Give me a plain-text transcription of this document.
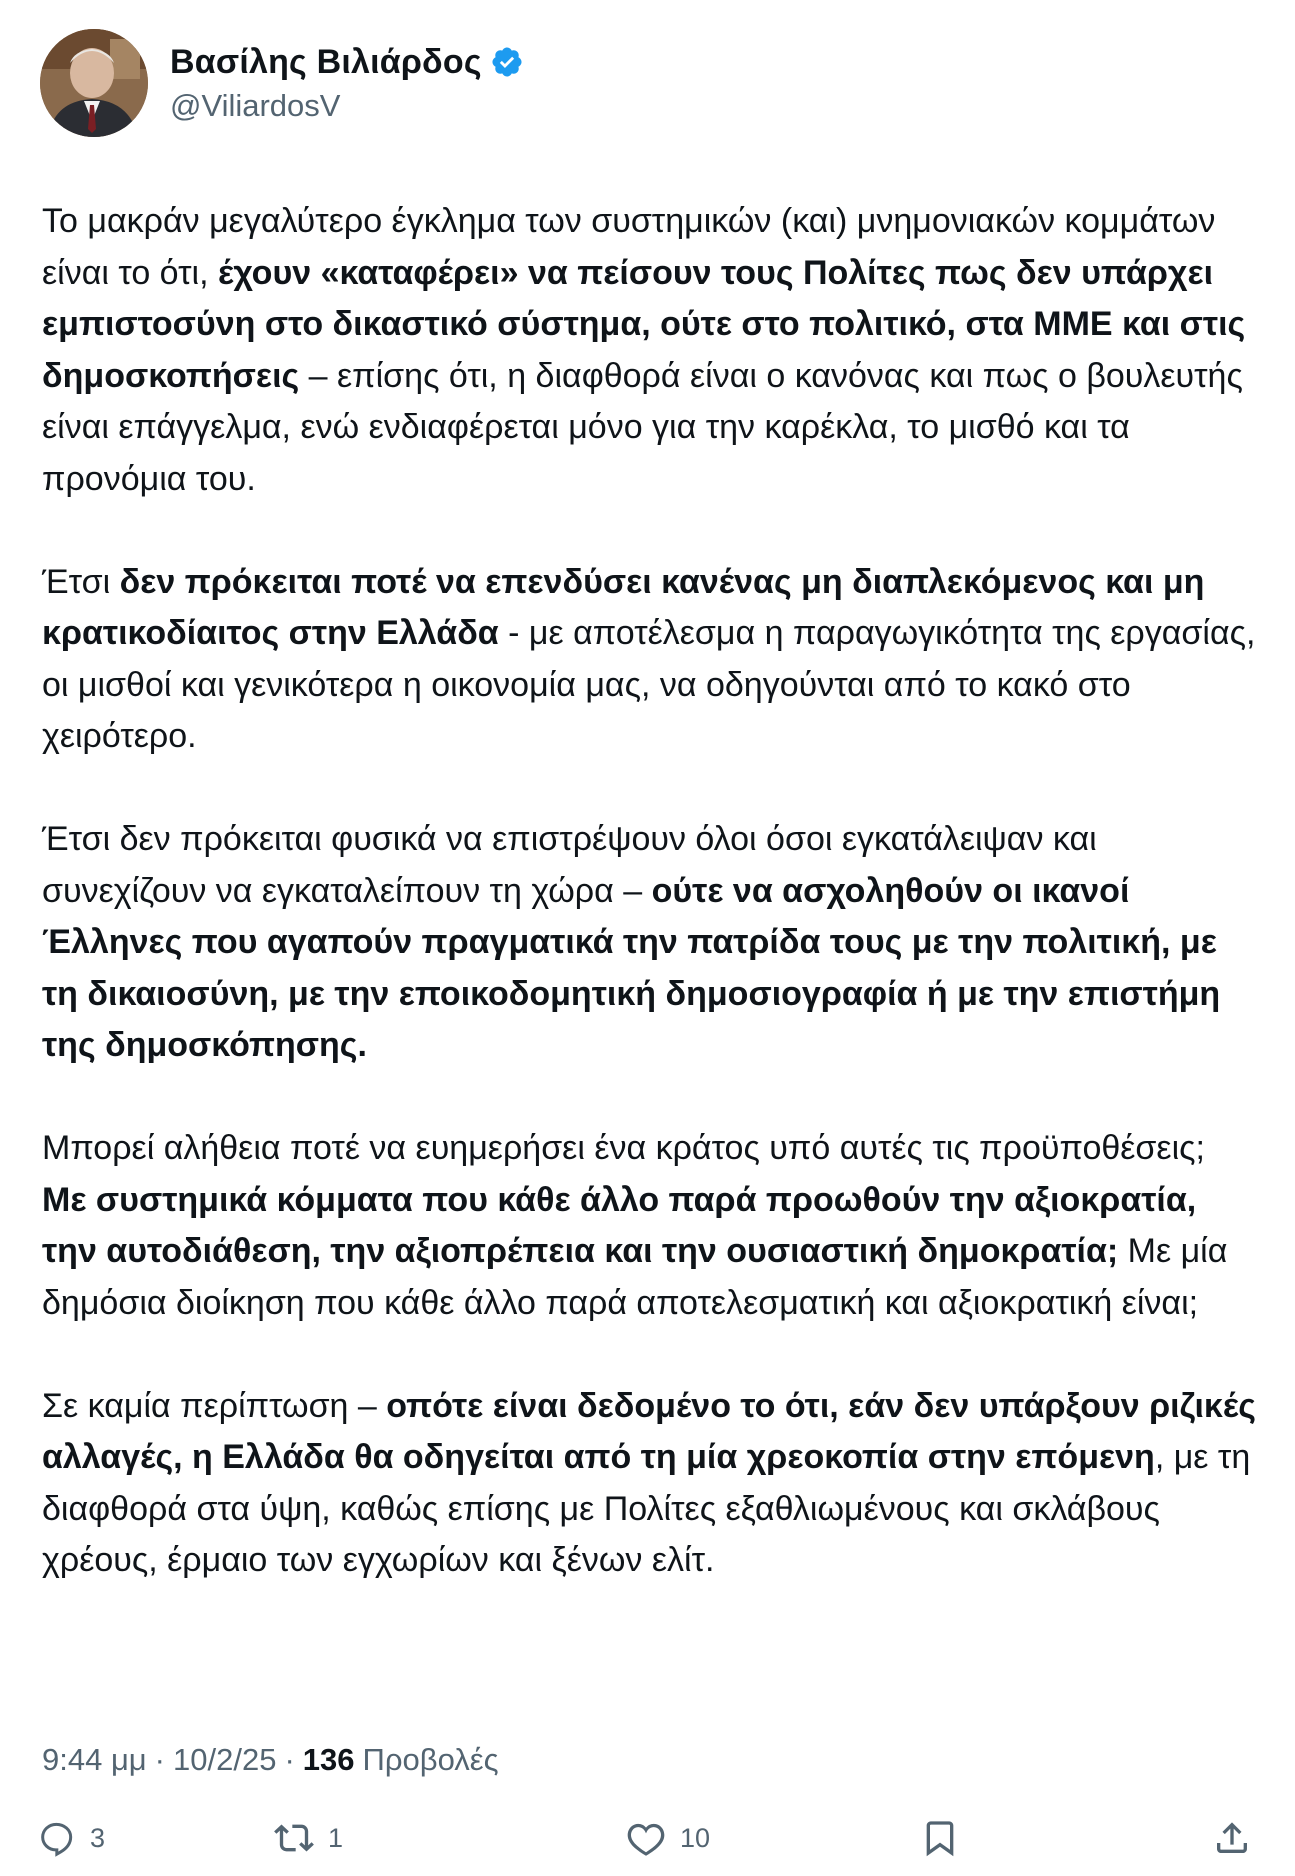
Βασίλης Βιλιάρδος
@ViliardosV

Το μακράν μεγαλύτερο έγκλημα των συστημικών (και) μνημονιακών κομμάτων είναι το ότι, έχουν «καταφέρει» να πείσουν τους Πολίτες πως δεν υπάρχει εμπιστοσύνη στο δικαστικό σύστημα, ούτε στο πολιτικό, στα ΜΜΕ και στις δημοσκοπήσεις – επίσης ότι, η διαφθορά είναι ο κανόνας και πως ο βουλευτής είναι επάγγελμα, ενώ ενδιαφέρεται μόνο για την καρέκλα, το μισθό και τα προνόμια του.

Έτσι δεν πρόκειται ποτέ να επενδύσει κανένας μη διαπλεκόμενος και μη κρατικοδίαιτος στην Ελλάδα - με αποτέλεσμα η παραγωγικότητα της εργασίας, οι μισθοί και γενικότερα η οικονομία μας, να οδηγούνται από το κακό στο χειρότερο.

Έτσι δεν πρόκειται φυσικά να επιστρέψουν όλοι όσοι εγκατάλειψαν και συνεχίζουν να εγκαταλείπουν τη χώρα – ούτε να ασχοληθούν οι ικανοί Έλληνες που αγαπούν πραγματικά την πατρίδα τους με την πολιτική, με τη δικαιοσύνη, με την εποικοδομητική δημοσιογραφία ή με την επιστήμη της δημοσκόπησης.

Μπορεί αλήθεια ποτέ να ευημερήσει ένα κράτος υπό αυτές τις προϋποθέσεις; Με συστημικά κόμματα που κάθε άλλο παρά προωθούν την αξιοκρατία, την αυτοδιάθεση, την αξιοπρέπεια και την ουσιαστική δημοκρατία; Με μία δημόσια διοίκηση που κάθε άλλο παρά αποτελεσματική και αξιοκρατική είναι;

Σε καμία περίπτωση – οπότε είναι δεδομένο το ότι, εάν δεν υπάρξουν ριζικές αλλαγές, η Ελλάδα θα οδηγείται από τη μία χρεοκοπία στην επόμενη, με τη διαφθορά στα ύψη, καθώς επίσης με Πολίτες εξαθλιωμένους και σκλάβους χρέους, έρμαιο των εγχωρίων και ξένων ελίτ.

9:44 μμ · 10/2/25 · 136 Προβολές
3	1	10
